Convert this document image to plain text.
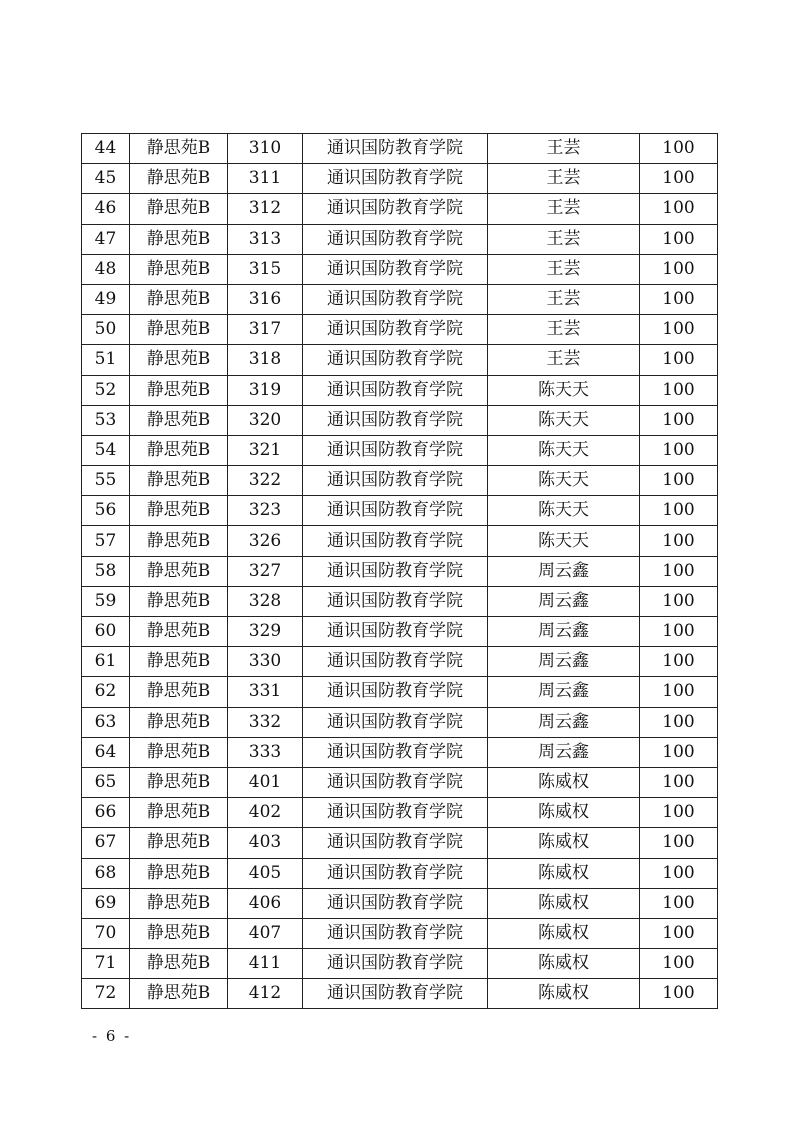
44	静思苑B	310	通识国防教育学院	王芸	100
45	静思苑B	311	通识国防教育学院	王芸	100
46	静思苑B	312	通识国防教育学院	王芸	100
47	静思苑B	313	通识国防教育学院	王芸	100
48	静思苑B	315	通识国防教育学院	王芸	100
49	静思苑B	316	通识国防教育学院	王芸	100
50	静思苑B	317	通识国防教育学院	王芸	100
51	静思苑B	318	通识国防教育学院	王芸	100
52	静思苑B	319	通识国防教育学院	陈天天	100
53	静思苑B	320	通识国防教育学院	陈天天	100
54	静思苑B	321	通识国防教育学院	陈天天	100
55	静思苑B	322	通识国防教育学院	陈天天	100
56	静思苑B	323	通识国防教育学院	陈天天	100
57	静思苑B	326	通识国防教育学院	陈天天	100
58	静思苑B	327	通识国防教育学院	周云鑫	100
59	静思苑B	328	通识国防教育学院	周云鑫	100
60	静思苑B	329	通识国防教育学院	周云鑫	100
61	静思苑B	330	通识国防教育学院	周云鑫	100
62	静思苑B	331	通识国防教育学院	周云鑫	100
63	静思苑B	332	通识国防教育学院	周云鑫	100
64	静思苑B	333	通识国防教育学院	周云鑫	100
65	静思苑B	401	通识国防教育学院	陈威权	100
66	静思苑B	402	通识国防教育学院	陈威权	100
67	静思苑B	403	通识国防教育学院	陈威权	100
68	静思苑B	405	通识国防教育学院	陈威权	100
69	静思苑B	406	通识国防教育学院	陈威权	100
70	静思苑B	407	通识国防教育学院	陈威权	100
71	静思苑B	411	通识国防教育学院	陈威权	100
72	静思苑B	412	通识国防教育学院	陈威权	100
- 6 -
